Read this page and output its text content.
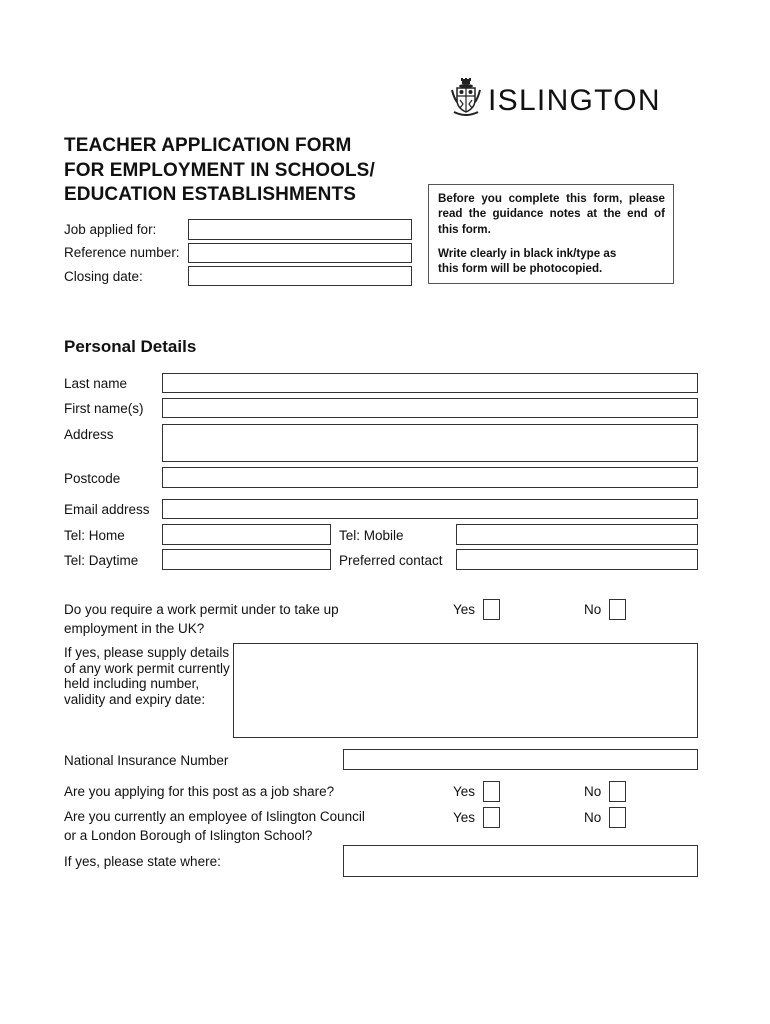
ISLINGTON
TEACHER APPLICATION FORM
FOR EMPLOYMENT IN SCHOOLS/
EDUCATION ESTABLISHMENTS	Before you complete this form, please read the guidance notes at the end of this form.

Write clearly in black ink/type as

this form will be photocopied.

Job applied for:
Reference number:
Closing date:
Personal Details
Last name
First name(s)
Address
Postcode
Email address
Tel: Home	Tel: Mobile
Tel: Daytime	Preferred contact
Do you require a work permit under to take up
employment in the UK?
Yes	No
If yes, please supply details
of any work permit currently
held including number,
validity and expiry date:
National Insurance Number
Are you applying for this post as a job share?	Yes	No
Are you currently an employee of Islington Council
or a London Borough of Islington School?
Yes	No
If yes, please state where:
